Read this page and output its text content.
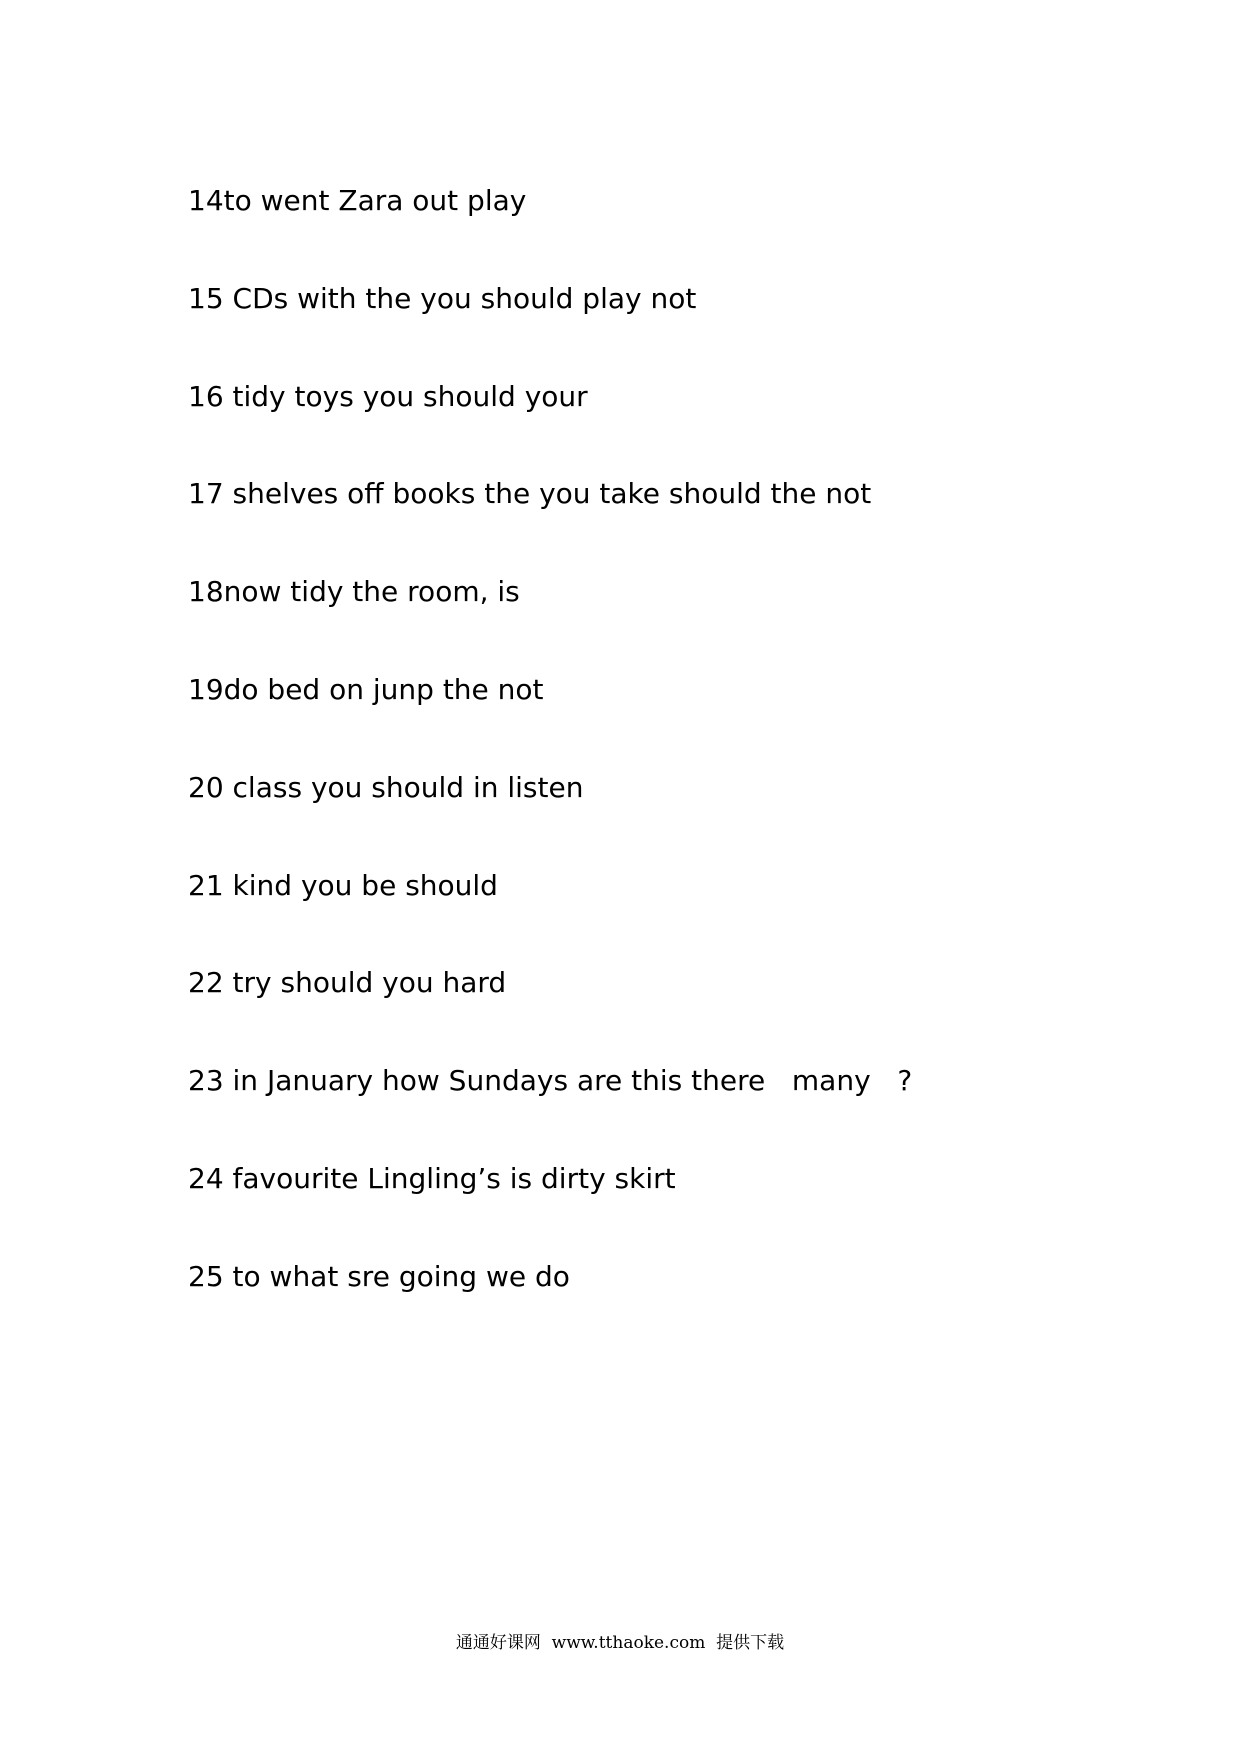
14to went Zara out play
15 CDs with the you should play not
16 tidy toys you should your
17 shelves off books the you take should the not
18now tidy the room, is
19do bed on junp the not
20 class you should in listen
21 kind you be should
22 try should you hard
23 in January how Sundays are this there   many   ?
24 favourite Lingling’s is dirty skirt
25 to what sre going we do
通通好课网  www.tthaoke.com  提供下载
